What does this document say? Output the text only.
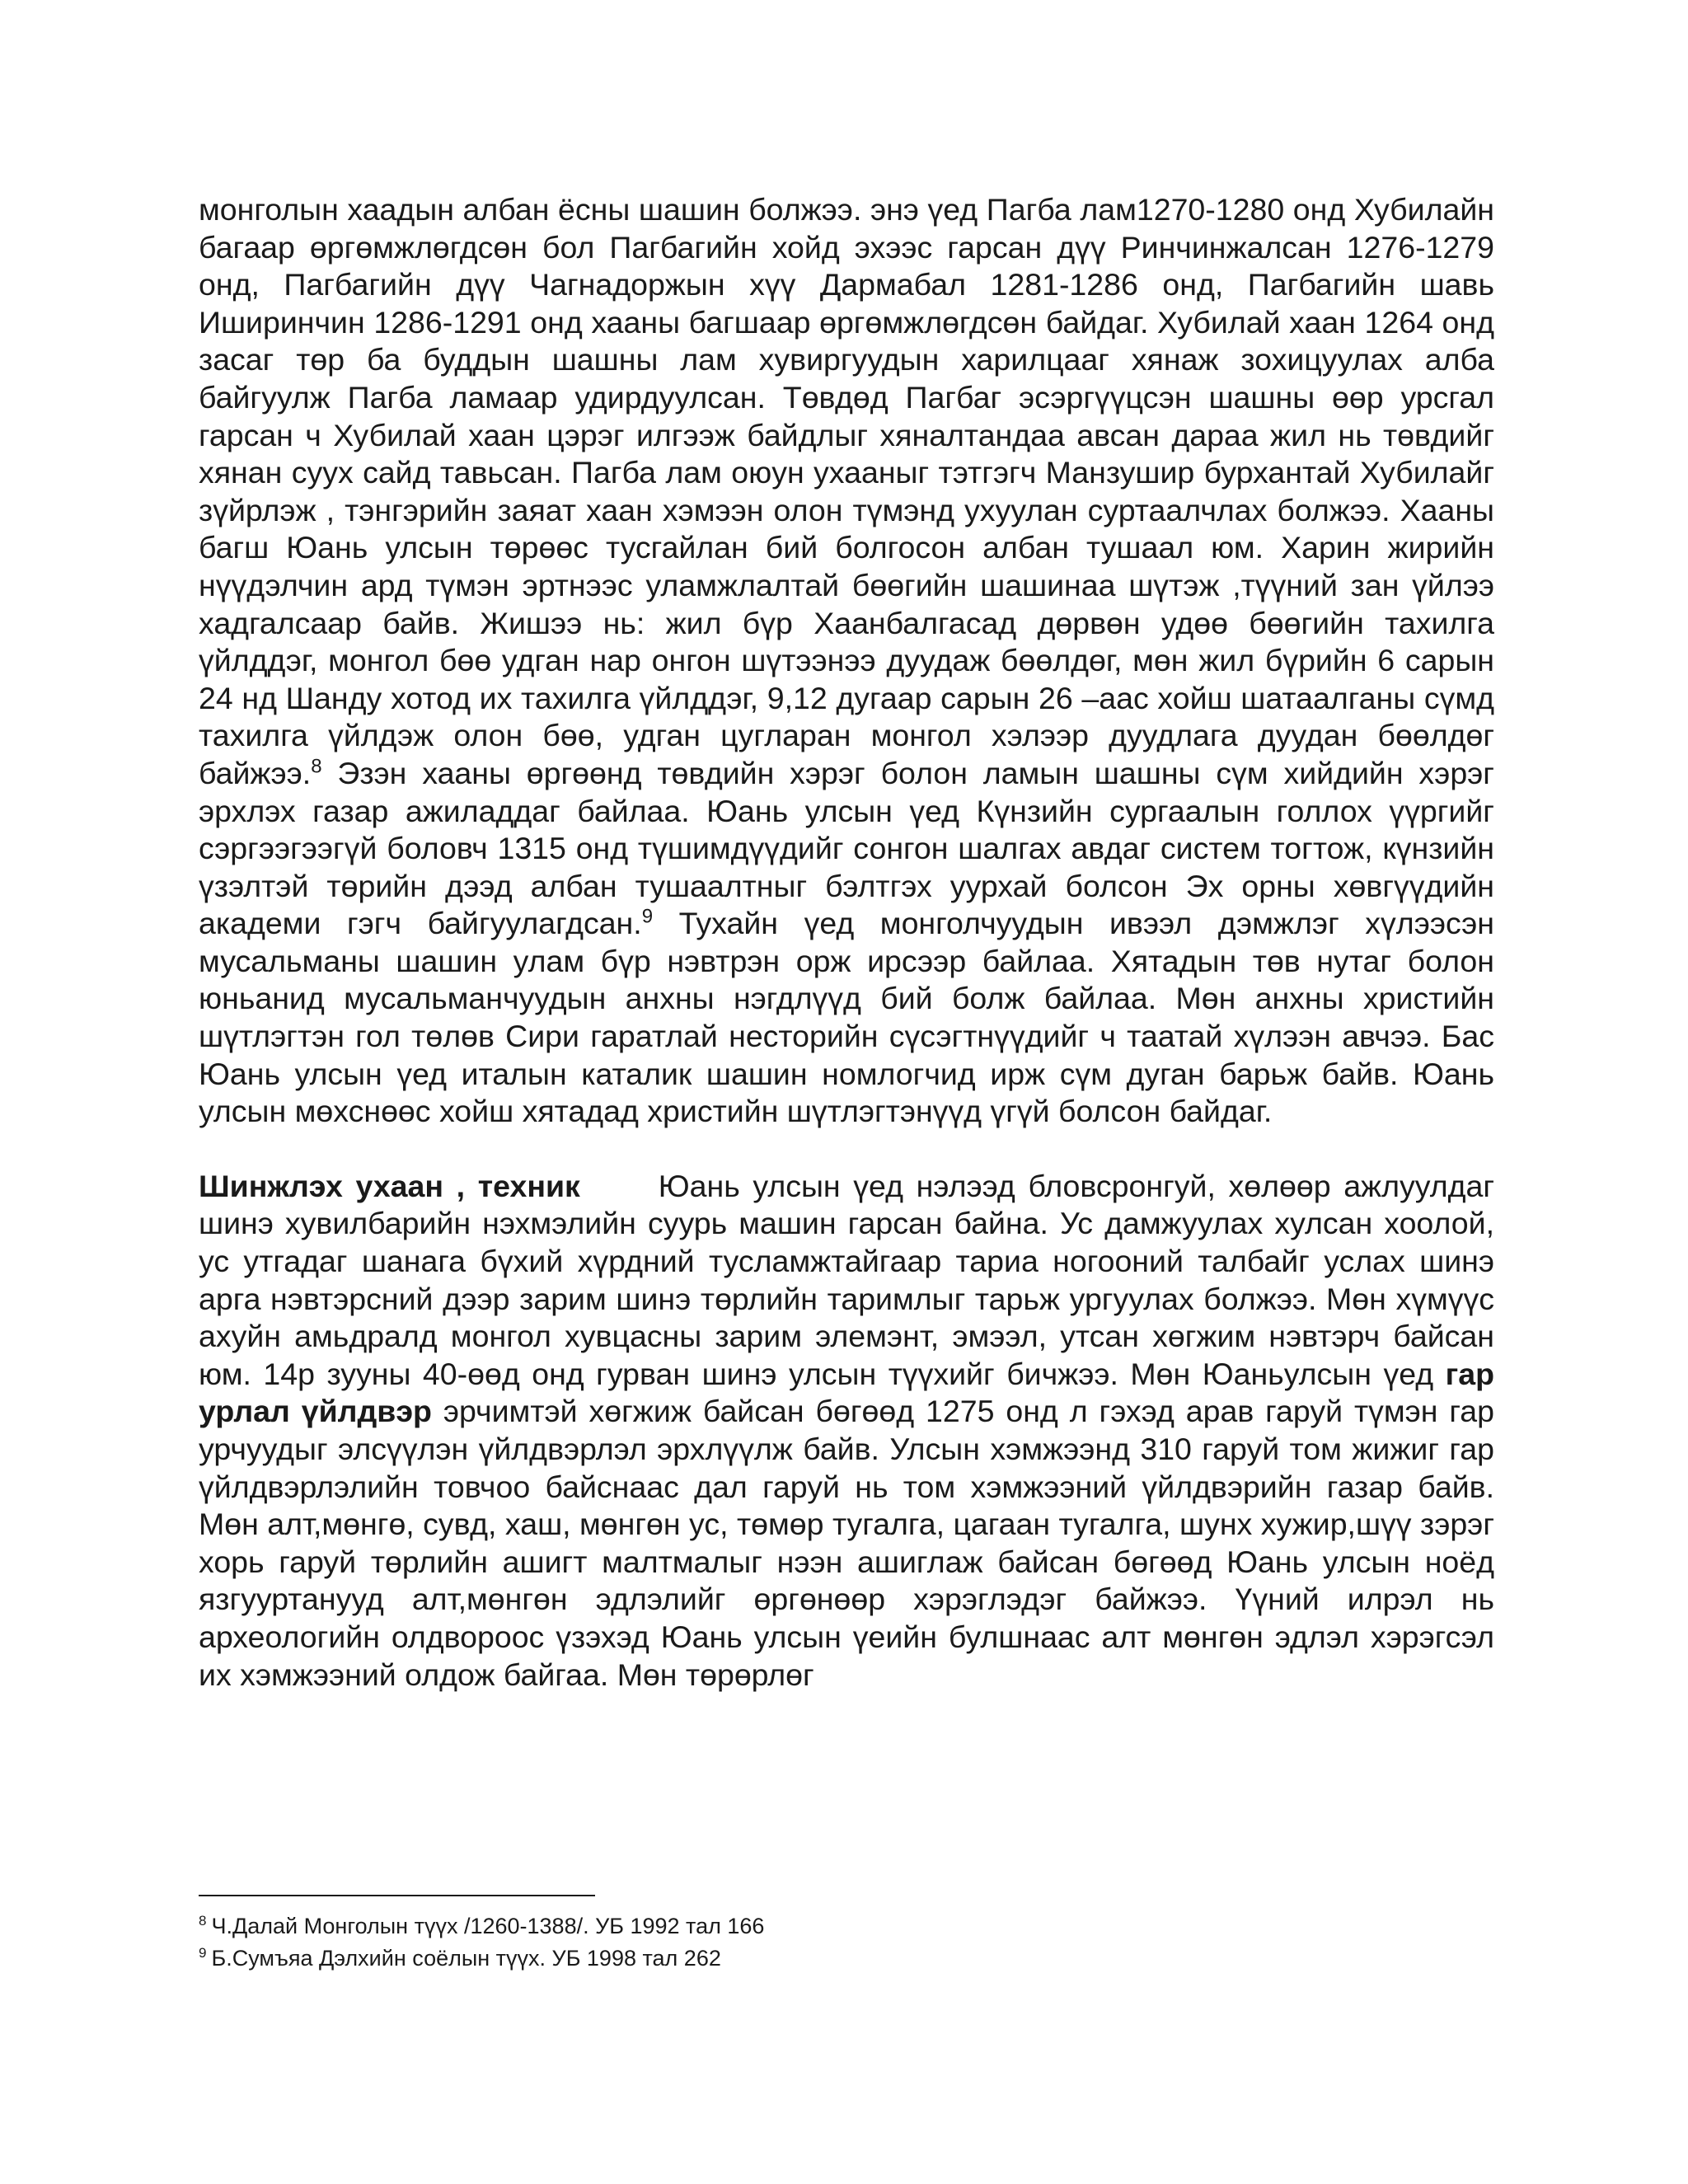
монголын хаадын албан ёсны шашин болжээ. энэ үед Пагба лам1270-1280 онд Хубилайн багаар өргөмжлөгдсөн бол Пагбагийн хойд эхээс гарсан дүү Ринчинжалсан 1276-1279 онд, Пагбагийн дүү Чагнадоржын хүү Дармабал 1281-1286 онд, Пагбагийн шавь Иширинчин 1286-1291 онд хааны багшаар өргөмжлөгдсөн байдаг. Хубилай хаан 1264 онд засаг төр ба буддын шашны лам хувиргуудын харилцааг хянаж зохицуулах алба байгуулж Пагба ламаар удирдуулсан. Төвдөд Пагбаг эсэргүүцсэн шашны өөр урсгал гарсан ч Хубилай хаан цэрэг илгээж байдлыг хяналтандаа авсан дараа жил нь төвдийг хянан суух сайд тавьсан. Пагба лам оюун ухааныг тэтгэгч Манзушир бурхантай Хубилайг зүйрлэж , тэнгэрийн заяат хаан хэмээн олон түмэнд ухуулан суртаалчлах болжээ. Хааны багш Юань улсын төрөөс тусгайлан бий болгосон албан тушаал юм. Харин жирийн нүүдэлчин ард түмэн эртнээс уламжлалтай бөөгийн шашинаа шүтэж ,түүний зан үйлээ хадгалсаар байв. Жишээ нь: жил бүр Хаанбалгасад дөрвөн удөө бөөгийн тахилга үйлддэг, монгол бөө удган нар онгон шүтээнээ дуудаж бөөлдөг, мөн жил бүрийн 6 сарын 24 нд Шанду хотод их тахилга үйлддэг, 9,12 дугаар сарын 26 –аас хойш шатаалганы сүмд тахилга үйлдэж олон бөө, удган цугларан монгол хэлээр дуудлага дуудан бөөлдөг байжээ.$^8$ Эзэн хааны өргөөнд төвдийн хэрэг болон ламын шашны сүм хийдийн хэрэг эрхлэх газар ажиладдаг байлаа. Юань улсын үед Күнзийн сургаалын голлох үүргийг сэргээгээгүй боловч 1315 онд түшимдүүдийг сонгон шалгах авдаг систем тогтож, күнзийн үзэлтэй төрийн дээд албан тушаалтныг бэлтгэх уурхай болсон Эх орны хөвгүүдийн академи гэгч байгуулагдсан.$^9$ Тухайн үед монголчуудын ивээл дэмжлэг хүлээсэн мусальманы шашин улам бүр нэвтрэн орж ирсээр байлаа. Хятадын төв нутаг болон юньанид мусальманчуудын анхны нэгдлүүд бий болж байлаа. Мөн анхны христийн шүтлэгтэн гол төлөв Сири гаратлай несторийн сүсэгтнүүдийг ч таатай хүлээн авчээ. Бас Юань улсын үед италын каталик шашин номлогчид ирж сүм дуган барьж байв. Юань улсын мөхснөөс хойш хятадад христийн шүтлэгтэнүүд үгүй болсон байдаг.

Шинжлэх ухаан , техник	Юань улсын үед нэлээд бловсронгуй, хөлөөр ажлуулдаг шинэ хувилбарийн нэхмэлийн суурь машин гарсан байна. Ус дамжуулах хулсан хоолой, ус утгадаг шанага бүхий хүрдний тусламжтайгаар тариа ногооний талбайг услах шинэ арга нэвтэрсний дээр зарим шинэ төрлийн таримлыг тарьж ургуулах болжээ. Мөн хүмүүс ахуйн амьдралд монгол хувцасны зарим элемэнт, эмээл, утсан хөгжим нэвтэрч байсан юм. 14р зууны 40-өөд онд гурван шинэ улсын түүхийг бичжээ. Мөн Юаньулсын үед гар урлал үйлдвэр эрчимтэй хөгжиж байсан бөгөөд 1275 онд л гэхэд арав гаруй түмэн гар урчуудыг элсүүлэн үйлдвэрлэл эрхлүүлж байв. Улсын хэмжээнд 310 гаруй том жижиг гар үйлдвэрлэлийн товчоо байснаас дал гаруй нь том хэмжээний үйлдвэрийн газар байв. Мөн алт,мөнгө, сувд, хаш, мөнгөн ус, төмөр тугалга, цагаан тугалга, шунх хужир,шүү зэрэг хорь гаруй төрлийн ашигт малтмалыг нээн ашиглаж байсан бөгөөд Юань улсын ноёд язгууртанууд алт,мөнгөн эдлэлийг өргөнөөр хэрэглэдэг байжээ. Үүний илрэл нь археологийн олдвороос үзэхэд Юань улсын үеийн булшнаас алт мөнгөн эдлэл хэрэгсэл их хэмжээний олдож байгаа. Мөн төрөрлөг

$^8$ Ч.Далай Монголын түүх /1260-1388/. УБ 1992 тал 166

$^9$ Б.Сумъяа Дэлхийн соёлын түүх. УБ 1998 тал 262
